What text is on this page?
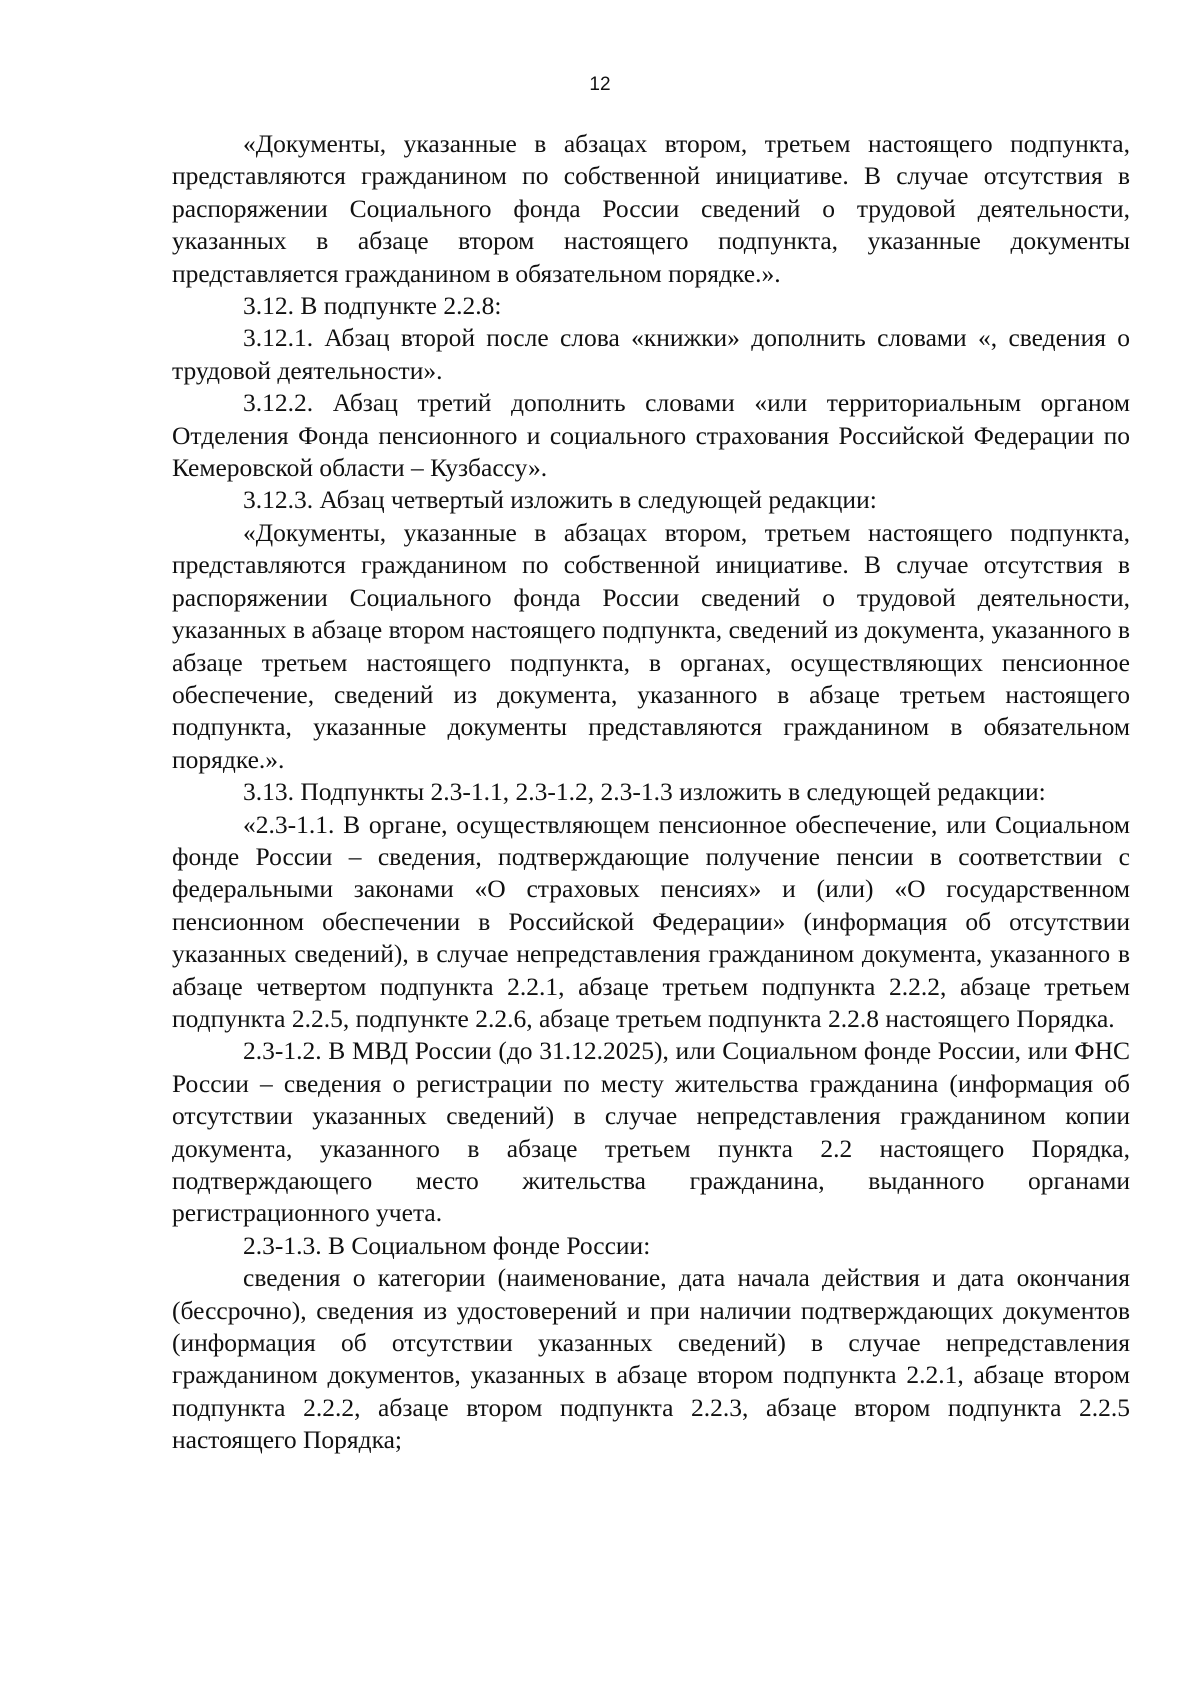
12

«Документы, указанные в абзацах втором, третьем настоящего подпункта, представляются гражданином по собственной инициативе. В случае отсутствия в распоряжении Социального фонда России сведений о трудовой деятельности, указанных в абзаце втором настоящего подпункта, указанные документы представляется гражданином в обязательном порядке.».

3.12. В подпункте 2.2.8:

3.12.1. Абзац второй после слова «книжки» дополнить словами «, сведения о трудовой деятельности».

3.12.2. Абзац третий дополнить словами «или территориальным органом Отделения Фонда пенсионного и социального страхования Российской Федерации по Кемеровской области – Кузбассу».

3.12.3. Абзац четвертый изложить в следующей редакции:

«Документы, указанные в абзацах втором, третьем настоящего подпункта, представляются гражданином по собственной инициативе. В случае отсутствия в распоряжении Социального фонда России сведений о трудовой деятельности, указанных в абзаце втором настоящего подпункта, сведений из документа, указанного в абзаце третьем настоящего подпункта, в органах, осуществляющих пенсионное обеспечение, сведений из документа, указанного в абзаце третьем настоящего подпункта, указанные документы представляются гражданином в обязательном порядке.».

3.13. Подпункты 2.3-1.1, 2.3-1.2, 2.3-1.3 изложить в следующей редакции:

«2.3-1.1. В органе, осуществляющем пенсионное обеспечение, или Социальном фонде России – сведения, подтверждающие получение пенсии в соответствии с федеральными законами «О страховых пенсиях» и (или) «О государственном пенсионном обеспечении в Российской Федерации» (информация об отсутствии указанных сведений), в случае непредставления гражданином документа, указанного в абзаце четвертом подпункта 2.2.1, абзаце третьем подпункта 2.2.2, абзаце третьем подпункта 2.2.5, подпункте 2.2.6, абзаце третьем подпункта 2.2.8 настоящего Порядка.

2.3-1.2. В МВД России (до 31.12.2025), или Социальном фонде России, или ФНС России – сведения о регистрации по месту жительства гражданина (информация об отсутствии указанных сведений) в случае непредставления гражданином копии документа, указанного в абзаце третьем пункта 2.2 настоящего Порядка, подтверждающего место жительства гражданина, выданного органами регистрационного учета.

2.3-1.3. В Социальном фонде России:

сведения о категории (наименование, дата начала действия и дата окончания (бессрочно), сведения из удостоверений и при наличии подтверждающих документов (информация об отсутствии указанных сведений) в случае непредставления гражданином документов, указанных в абзаце втором подпункта 2.2.1, абзаце втором подпункта 2.2.2, абзаце втором подпункта 2.2.3, абзаце втором подпункта 2.2.5 настоящего Порядка;
